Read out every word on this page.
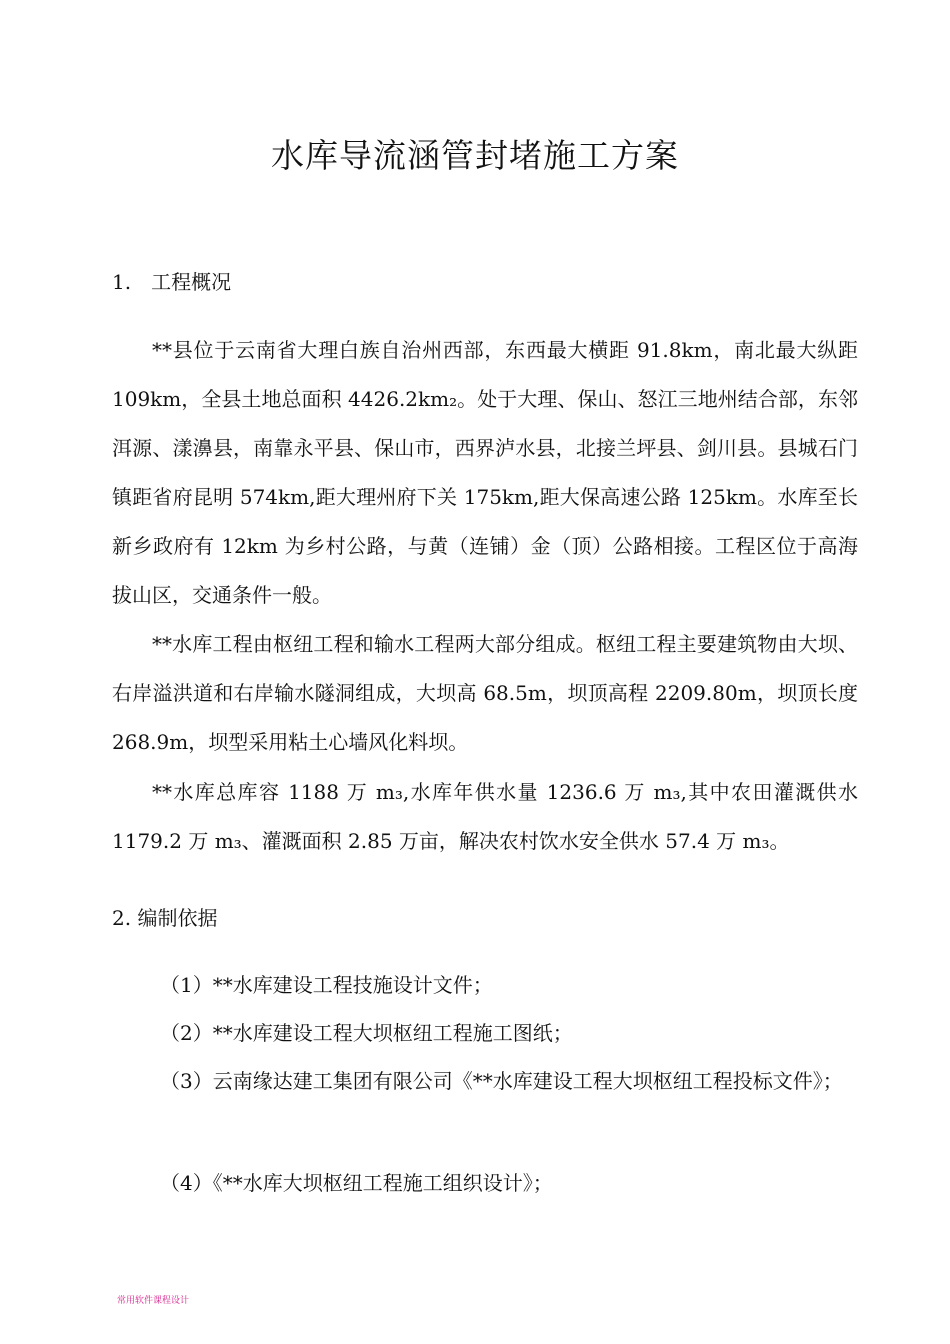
水库导流涵管封堵施工方案
1.　工程概况

**县位于云南省大理白族自治州西部，东西最大横距 91.8km，南北最大纵距 109km，全县土地总面积 4426.2km₂。处于大理、保山、怒江三地州结合部，东邻洱源、漾濞县，南靠永平县、保山市，西界泸水县，北接兰坪县、剑川县。县城石门镇距省府昆明 574km,距大理州府下关 175km,距大保高速公路 125km。水库至长新乡政府有 12km 为乡村公路，与黄（连铺）金（顶）公路相接。工程区位于高海拔山区，交通条件一般。

**水库工程由枢纽工程和输水工程两大部分组成。枢纽工程主要建筑物由大坝、右岸溢洪道和右岸输水隧洞组成，大坝高 68.5m，坝顶高程 2209.80m，坝顶长度 268.9m，坝型采用粘土心墙风化料坝。

**水库总库容 1188 万 m₃,水库年供水量 1236.6 万 m₃,其中农田灌溉供水 1179.2 万 m₃、灌溉面积 2.85 万亩，解决农村饮水安全供水 57.4 万 m₃。

2. 编制依据

（1）**水库建设工程技施设计文件；

（2）**水库建设工程大坝枢纽工程施工图纸；

（3）云南缘达建工集团有限公司《**水库建设工程大坝枢纽工程投标文件》；

（4）《**水库大坝枢纽工程施工组织设计》；

常用软件课程设计
